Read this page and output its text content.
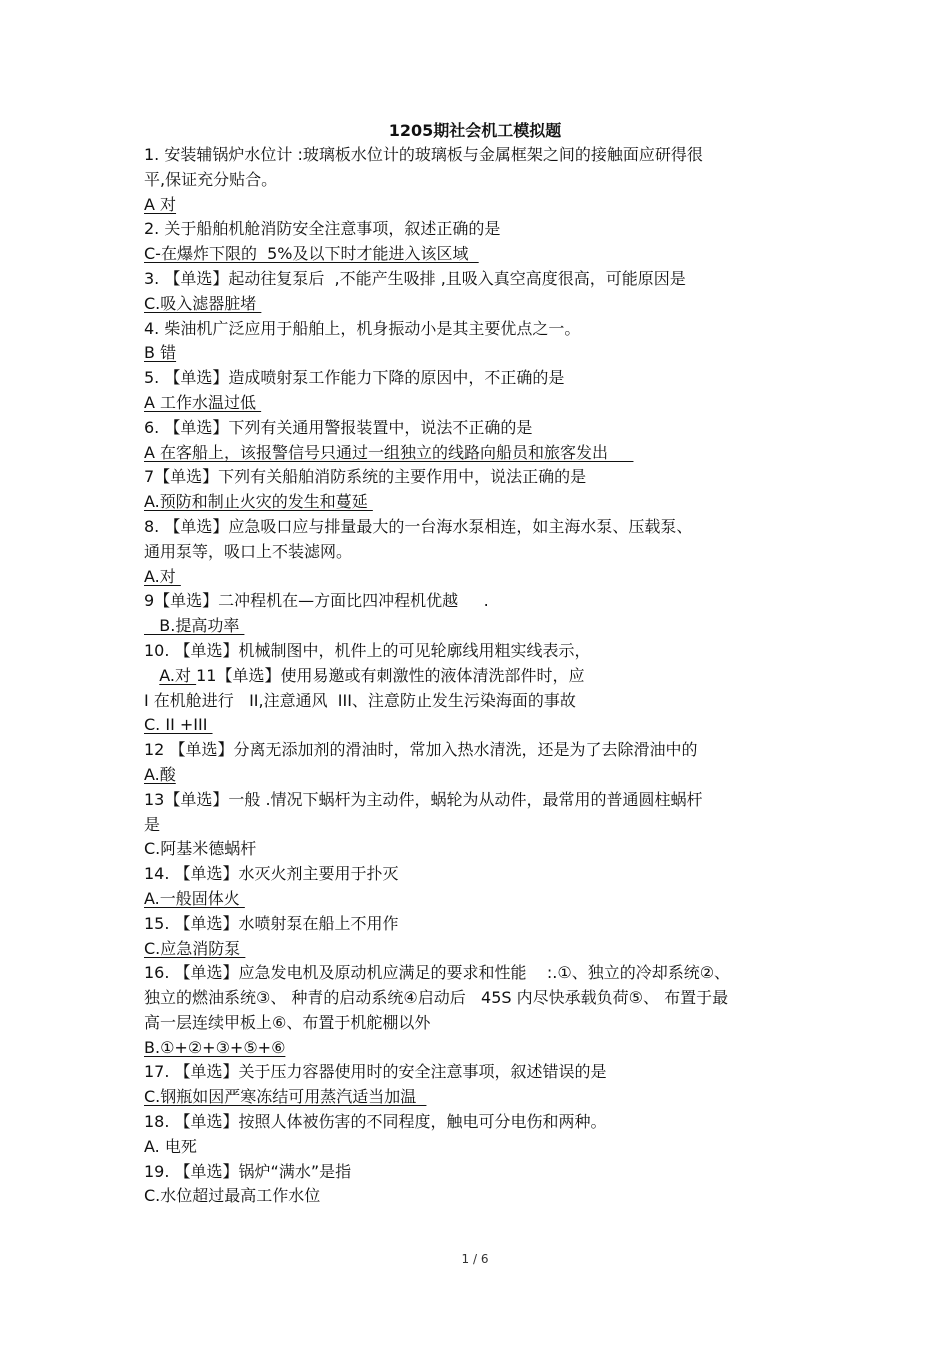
1205期社会机工模拟题
1. 安装辅锅炉水位计 :玻璃板水位计的玻璃板与金属框架之间的接触面应研得很
平,保证充分贴合。
A 对
2. 关于船舶机舱消防安全注意事项，叙述正确的是
C-在爆炸下限的  5%及以下时才能进入该区域
3. 【单选】起动往复泵后  ,不能产生吸排 ,且吸入真空高度很高，可能原因是
C.吸入滤器脏堵
4. 柴油机广泛应用于船舶上，机身振动小是其主要优点之一。
B 错
5. 【单选】造成喷射泵工作能力下降的原因中，不正确的是
A 工作水温过低
6. 【单选】下列有关通用警报装置中，说法不正确的是
A 在客船上，该报警信号只通过一组独立的线路向船员和旅客发出
7【单选】下列有关船舶消防系统的主要作用中，说法正确的是
A.预防和制止火灾的发生和蔓延
8. 【单选】应急吸口应与排量最大的一台海水泵相连，如主海水泵、压载泵、
通用泵等，吸口上不装滤网。
A.对
9【单选】二冲程机在—方面比四冲程机优越     .
B.提高功率
10. 【单选】机械制图中，机件上的可见轮廓线用粗实线表示，
A.对 11【单选】使用易邀或有刺激性的液体清洗部件时，应
I 在机舱进行   II,注意通风  III、注意防止发生污染海面的事故
C. II +III
12 【单选】分离无添加剂的滑油时，常加入热水清洗，还是为了去除滑油中的
A.酸
13【单选】一般 .情况下蜗杆为主动件，蜗轮为从动件，最常用的普通圆柱蜗杆
是
C.阿基米德蜗杆
14. 【单选】水灭火剂主要用于扑灭
A.一般固体火
15. 【单选】水喷射泵在船上不用作
C.应急消防泵
16. 【单选】应急发电机及原动机应满足的要求和性能    :.①、独立的冷却系统②、
独立的燃油系统③、 种青的启动系统④启动后   45S 内尽快承载负荷⑤、 布置于最
高一层连续甲板上⑥、布置于机舵棚以外
B.①+②+③+⑤+⑥
17. 【单选】关于压力容器使用时的安全注意事项，叙述错误的是
C.钢瓶如因严寒冻结可用蒸汽适当加温
18. 【单选】按照人体被伤害的不同程度，触电可分电伤和两种。
A. 电死
19. 【单选】锅炉“满水”是指
C.水位超过最高工作水位
1 / 6
